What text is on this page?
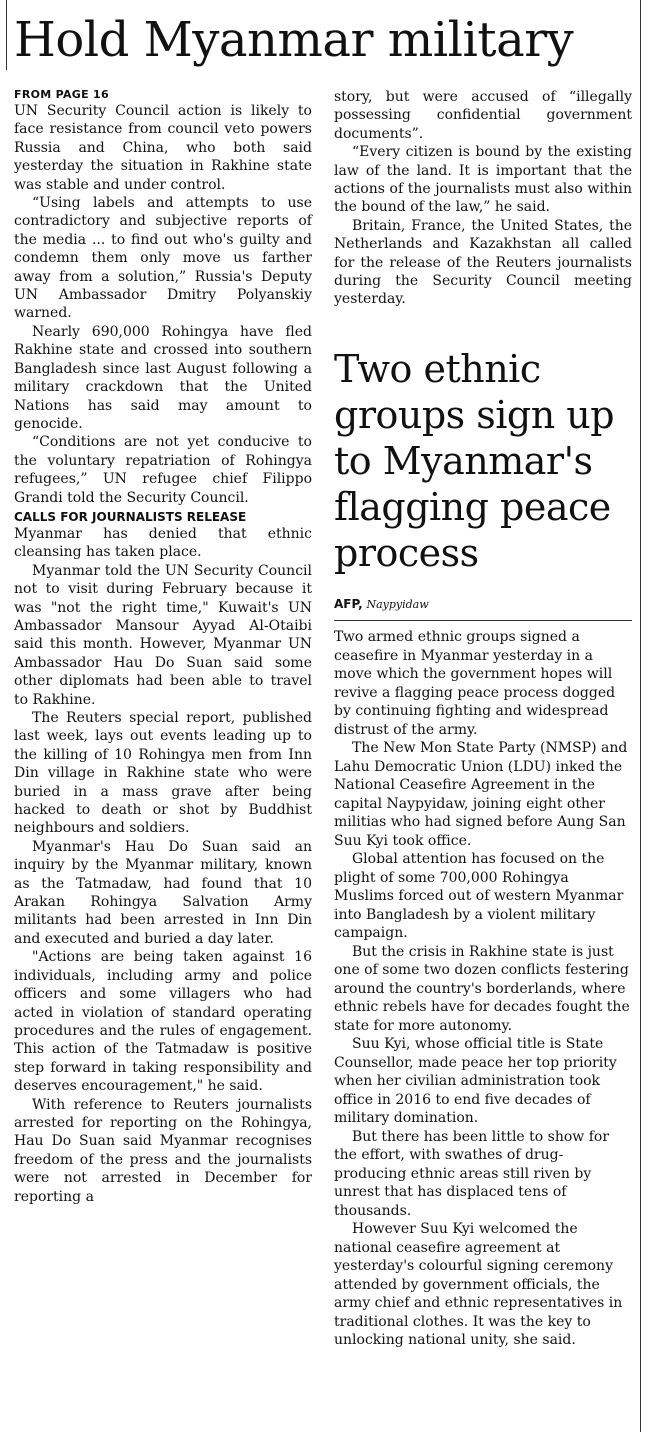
Hold Myanmar military
FROM PAGE 16

UN Security Council action is likely to face resistance from council veto powers Russia and China, who both said yesterday the situation in Rakhine state was stable and under control.

“Using labels and attempts to use contradictory and subjective reports of the media ... to find out who's guilty and condemn them only move us farther away from a solution,” Russia's Deputy UN Ambassador Dmitry Polyanskiy warned.

Nearly 690,000 Rohingya have fled Rakhine state and crossed into southern Bangladesh since last August following a military crackdown that the United Nations has said may amount to genocide.

“Conditions are not yet conducive to the voluntary repatriation of Rohingya refugees,” UN refugee chief Filippo Grandi told the Security Council.

CALLS FOR JOURNALISTS RELEASE

Myanmar has denied that ethnic cleansing has taken place.

Myanmar told the UN Security Council not to visit during February because it was "not the right time," Kuwait's UN Ambassador Mansour Ayyad Al-Otaibi said this month. However, Myanmar UN Ambassador Hau Do Suan said some other diplomats had been able to travel to Rakhine.

The Reuters special report, published last week, lays out events leading up to the killing of 10 Rohingya men from Inn Din village in Rakhine state who were buried in a mass grave after being hacked to death or shot by Buddhist neighbours and soldiers.

Myanmar's Hau Do Suan said an inquiry by the Myanmar military, known as the Tatmadaw, had found that 10 Arakan Rohingya Salvation Army militants had been arrested in Inn Din and executed and buried a day later.

"Actions are being taken against 16 individuals, including army and police officers and some villagers who had acted in violation of standard operating procedures and the rules of engagement. This action of the Tatmadaw is positive step forward in taking responsibility and deserves encouragement," he said.

With reference to Reuters journalists arrested for reporting on the Rohingya, Hau Do Suan said Myanmar recognises freedom of the press and the journalists were not arrested in December for reporting a

story, but were accused of “illegally possessing confidential government documents”.

“Every citizen is bound by the existing law of the land. It is important that the actions of the journalists must also within the bound of the law,” he said.

Britain, France, the United States, the Netherlands and Kazakhstan all called for the release of the Reuters journalists during the Security Council meeting yesterday.

Two ethnic groups sign up to Myanmar's flagging peace process
AFP, Naypyidaw

Two armed ethnic groups signed a ceasefire in Myanmar yesterday in a move which the government hopes will revive a flagging peace process dogged by continuing fighting and widespread distrust of the army.

The New Mon State Party (NMSP) and Lahu Democratic Union (LDU) inked the National Ceasefire Agreement in the capital Naypyidaw, joining eight other militias who had signed before Aung San Suu Kyi took office.

Global attention has focused on the plight of some 700,000 Rohingya Muslims forced out of western Myanmar into Bangladesh by a violent military campaign.

But the crisis in Rakhine state is just one of some two dozen conflicts festering around the country's borderlands, where ethnic rebels have for decades fought the state for more autonomy.

Suu Kyi, whose official title is State Counsellor, made peace her top priority when her civilian administration took office in 2016 to end five decades of military domination.

But there has been little to show for the effort, with swathes of drug-producing ethnic areas still riven by unrest that has displaced tens of thousands.

However Suu Kyi welcomed the national ceasefire agreement at yesterday's colourful signing ceremony attended by government officials, the army chief and ethnic representatives in traditional clothes. It was the key to unlocking national unity, she said.
